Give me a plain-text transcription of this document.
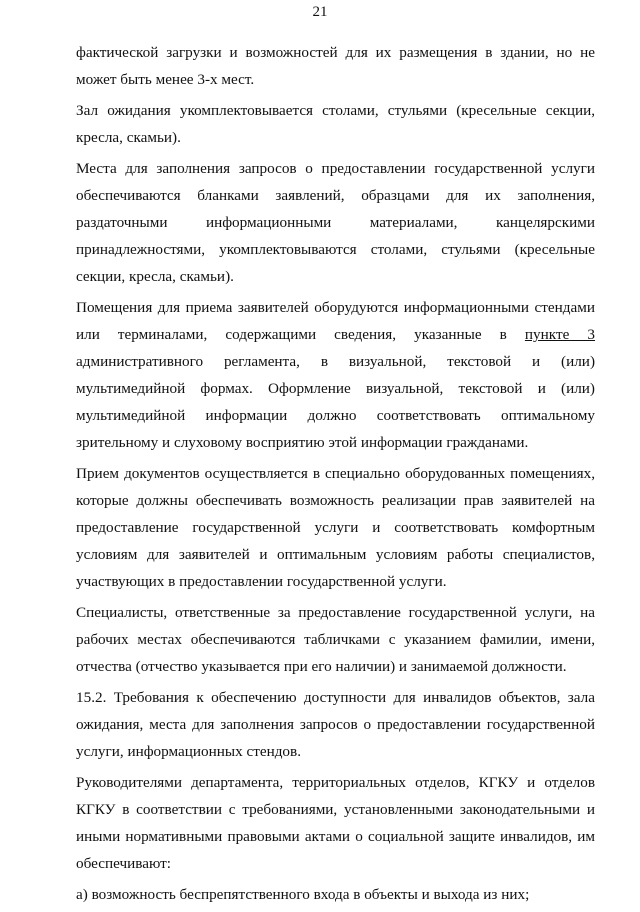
21
фактической загрузки и возможностей для их размещения в здании, но не
может быть менее 3-х мест.
Зал ожидания укомплектовывается столами, стульями (кресельные секции,
кресла, скамьи).
Места для заполнения запросов о предоставлении государственной услуги
обеспечиваются бланками заявлений, образцами для их заполнения,
раздаточными информационными материалами, канцелярскими
принадлежностями, укомплектовываются столами, стульями (кресельные
секции, кресла, скамьи).
Помещения для приема заявителей оборудуются информационными стендами
или терминалами, содержащими сведения, указанные в пункте 3
административного регламента, в визуальной, текстовой и (или)
мультимедийной формах. Оформление визуальной, текстовой и (или)
мультимедийной информации должно соответствовать оптимальному
зрительному и слуховому восприятию этой информации гражданами.
Прием документов осуществляется в специально оборудованных помещениях,
которые должны обеспечивать возможность реализации прав заявителей на
предоставление государственной услуги и соответствовать комфортным
условиям для заявителей и оптимальным условиям работы специалистов,
участвующих в предоставлении государственной услуги.
Специалисты, ответственные за предоставление государственной услуги, на
рабочих местах обеспечиваются табличками с указанием фамилии, имени,
отчества (отчество указывается при его наличии) и занимаемой должности.
15.2. Требования к обеспечению доступности для инвалидов объектов, зала
ожидания, места для заполнения запросов о предоставлении государственной
услуги, информационных стендов.
Руководителями департамента, территориальных отделов, КГКУ и отделов
КГКУ в соответствии с требованиями, установленными законодательными и
иными нормативными правовыми актами о социальной защите инвалидов, им
обеспечивают:
а) возможность беспрепятственного входа в объекты и выхода из них;
